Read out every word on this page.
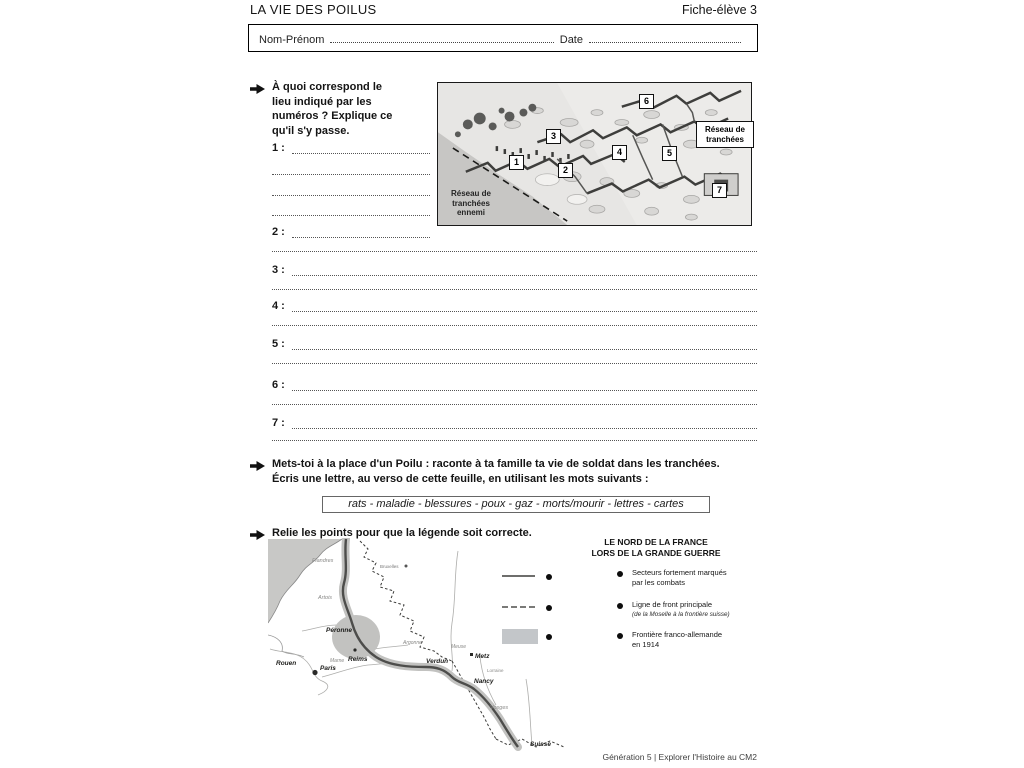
LA VIE DES POILUS	Fiche-élève 3
Nom-Prénom	Date
À quoi correspond le lieu indiqué par les numéros ? Explique ce qu'il s'y passe.
1
2
3
4	5
6
7
Réseau de tranchées
Réseau de tranchées ennemi
1 :
2 :
3 :
4 :
5 :
6 :
7 :
Mets-toi à la place d'un Poilu : raconte à ta famille ta vie de soldat dans les tranchées.
Écris une lettre, au verso de cette feuille, en utilisant les mots suivants :
rats - maladie - blessures - poux - gaz - morts/mourir - lettres - cartes
Relie les points pour que la légende soit correcte.
Flandres
Bruxelles
Artois
Péronne
Rouen
Paris
Marne Reims
Argonne
Verdun
Meuse
Metz
Nancy
Lorraine
Vosges
Suisse
LE NORD DE LA FRANCE
LORS DE LA GRANDE GUERRE
Secteurs fortement marqués
par les combats
Ligne de front principale
(de la Moselle à la frontière suisse)
Frontière franco-allemande
en 1914
Génération 5 | Explorer l'Histoire au CM2
